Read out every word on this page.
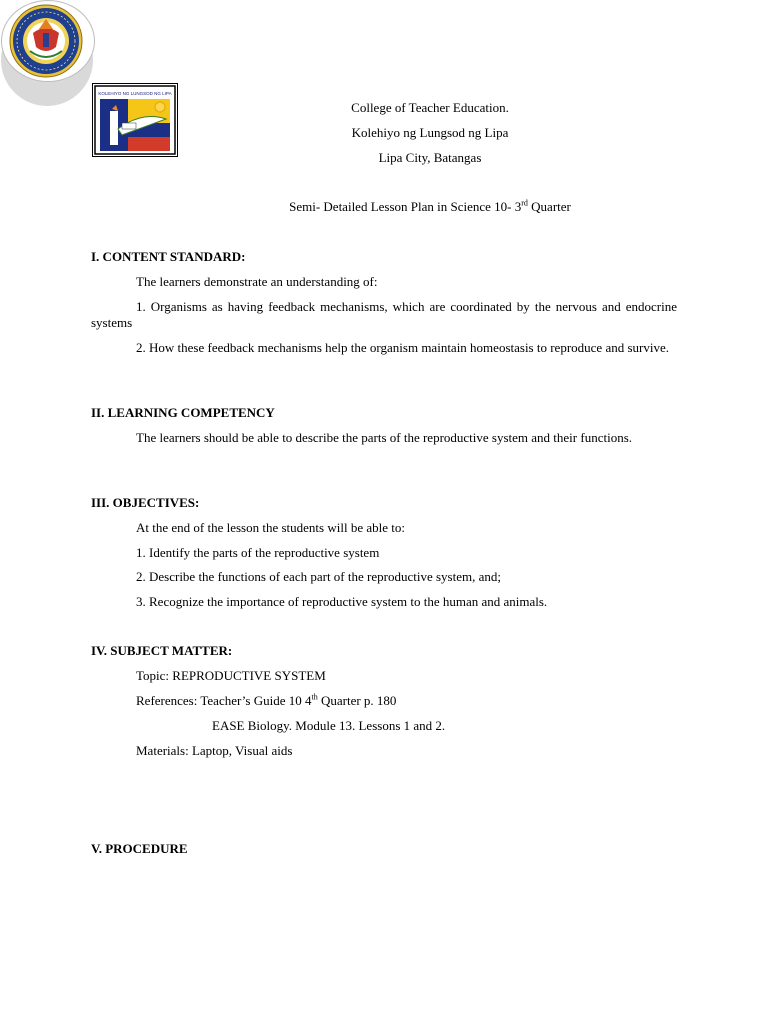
KOLEHIYO NG LUNGSOD NG LIPA
College of Teacher Education.
Kolehiyo ng Lungsod ng Lipa
Lipa City, Batangas
Semi- Detailed Lesson Plan in Science 10- 3rd Quarter
I. CONTENT STANDARD:
The learners demonstrate an understanding of:
1. Organisms as having feedback mechanisms, which are coordinated by the nervous and endocrine systems
2. How these feedback mechanisms help the organism maintain homeostasis to reproduce and survive.
II. LEARNING COMPETENCY
The learners should be able to describe the parts of the reproductive system and their functions.
III. OBJECTIVES:
At the end of the lesson the students will be able to:
1. Identify the parts of the reproductive system
2. Describe the functions of each part of the reproductive system, and;
3. Recognize the importance of reproductive system to the human and animals.
IV. SUBJECT MATTER:
Topic: REPRODUCTIVE SYSTEM
References: Teacher’s Guide 10 4th Quarter p. 180
EASE Biology. Module 13. Lessons 1 and 2.
Materials: Laptop, Visual aids
V. PROCEDURE
